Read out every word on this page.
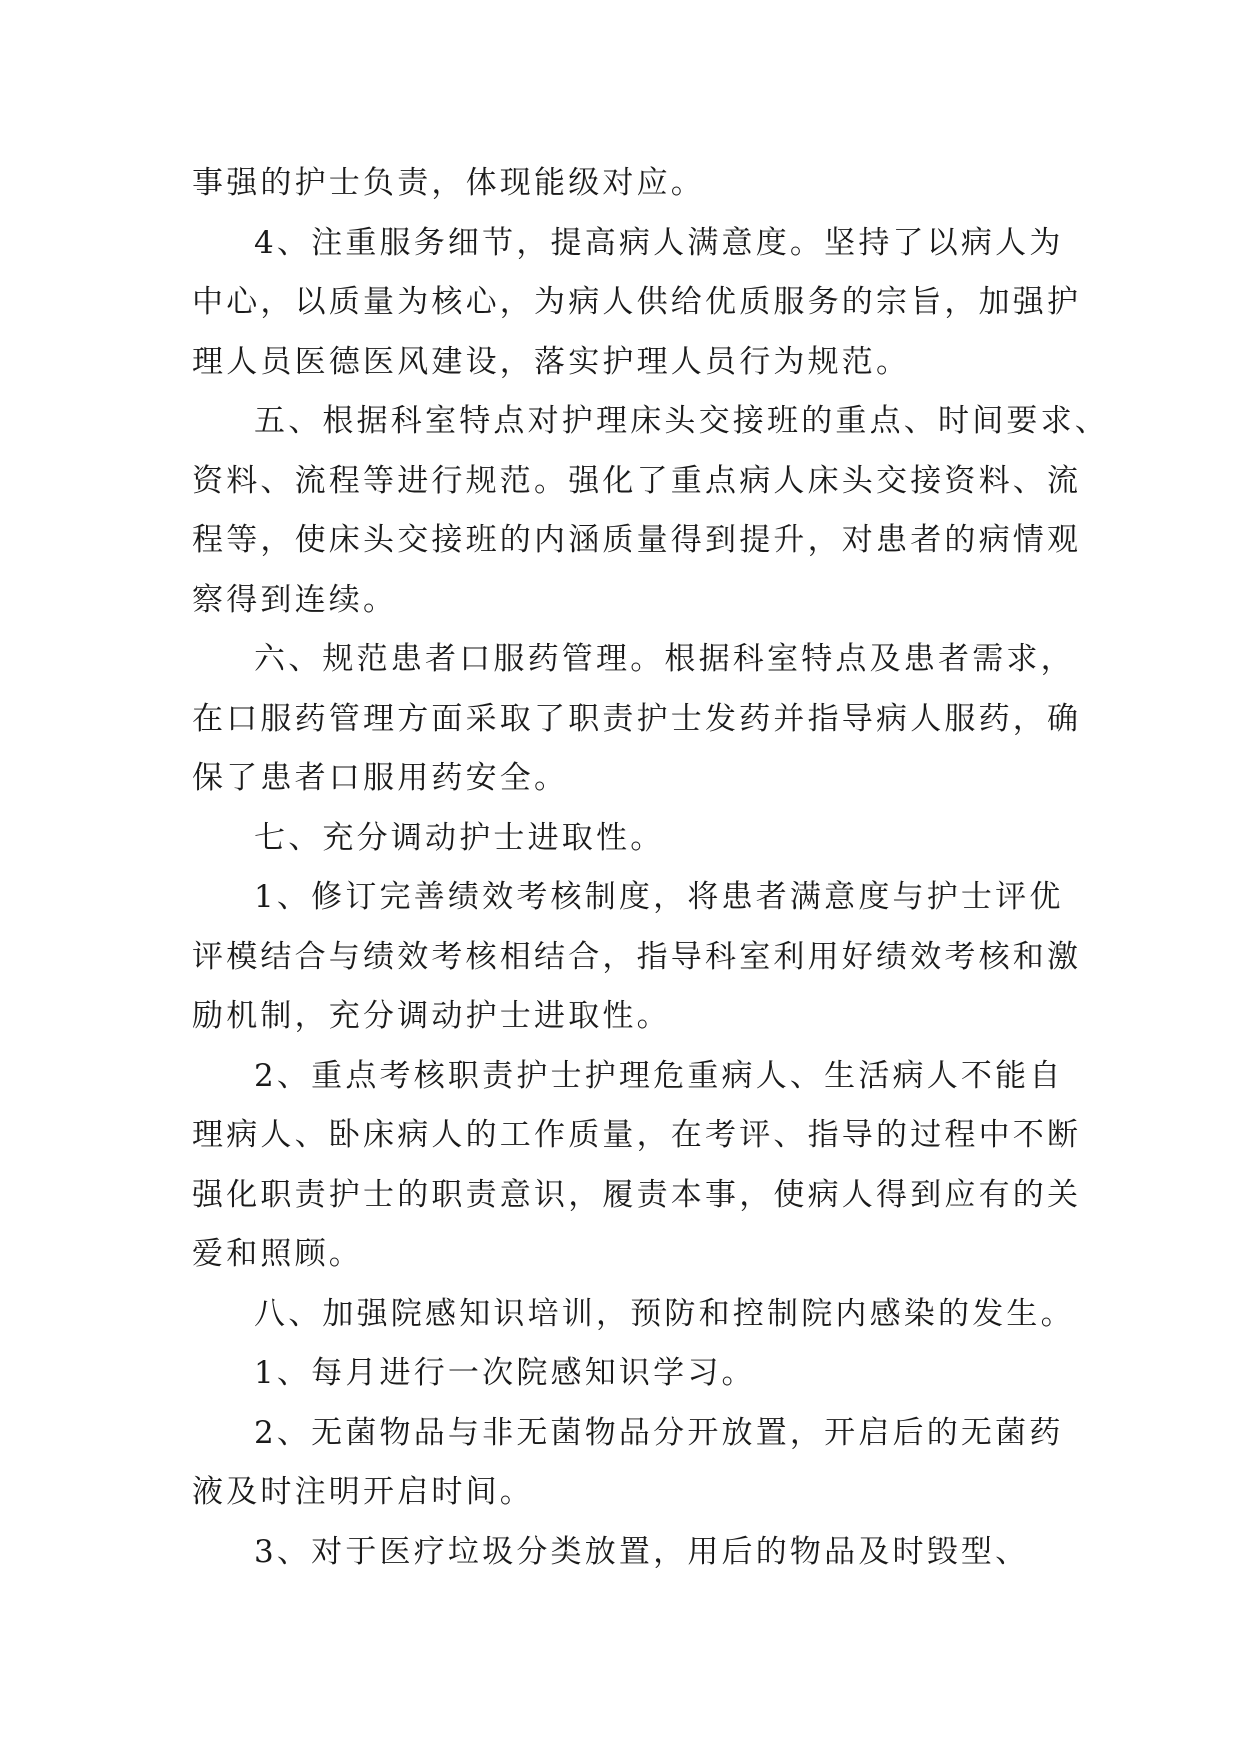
事强的护士负责，体现能级对应。
4、注重服务细节，提高病人满意度。坚持了以病人为
中心，以质量为核心，为病人供给优质服务的宗旨，加强护
理人员医德医风建设，落实护理人员行为规范。
五、根据科室特点对护理床头交接班的重点、时间要求、
资料、流程等进行规范。强化了重点病人床头交接资料、流
程等，使床头交接班的内涵质量得到提升，对患者的病情观
察得到连续。
六、规范患者口服药管理。根据科室特点及患者需求，
在口服药管理方面采取了职责护士发药并指导病人服药，确
保了患者口服用药安全。
七、充分调动护士进取性。
1、修订完善绩效考核制度，将患者满意度与护士评优
评模结合与绩效考核相结合，指导科室利用好绩效考核和激
励机制，充分调动护士进取性。
2、重点考核职责护士护理危重病人、生活病人不能自
理病人、卧床病人的工作质量，在考评、指导的过程中不断
强化职责护士的职责意识，履责本事，使病人得到应有的关
爱和照顾。
八、加强院感知识培训，预防和控制院内感染的发生。
1、每月进行一次院感知识学习。
2、无菌物品与非无菌物品分开放置，开启后的无菌药
液及时注明开启时间。
3、对于医疗垃圾分类放置，用后的物品及时毁型、
